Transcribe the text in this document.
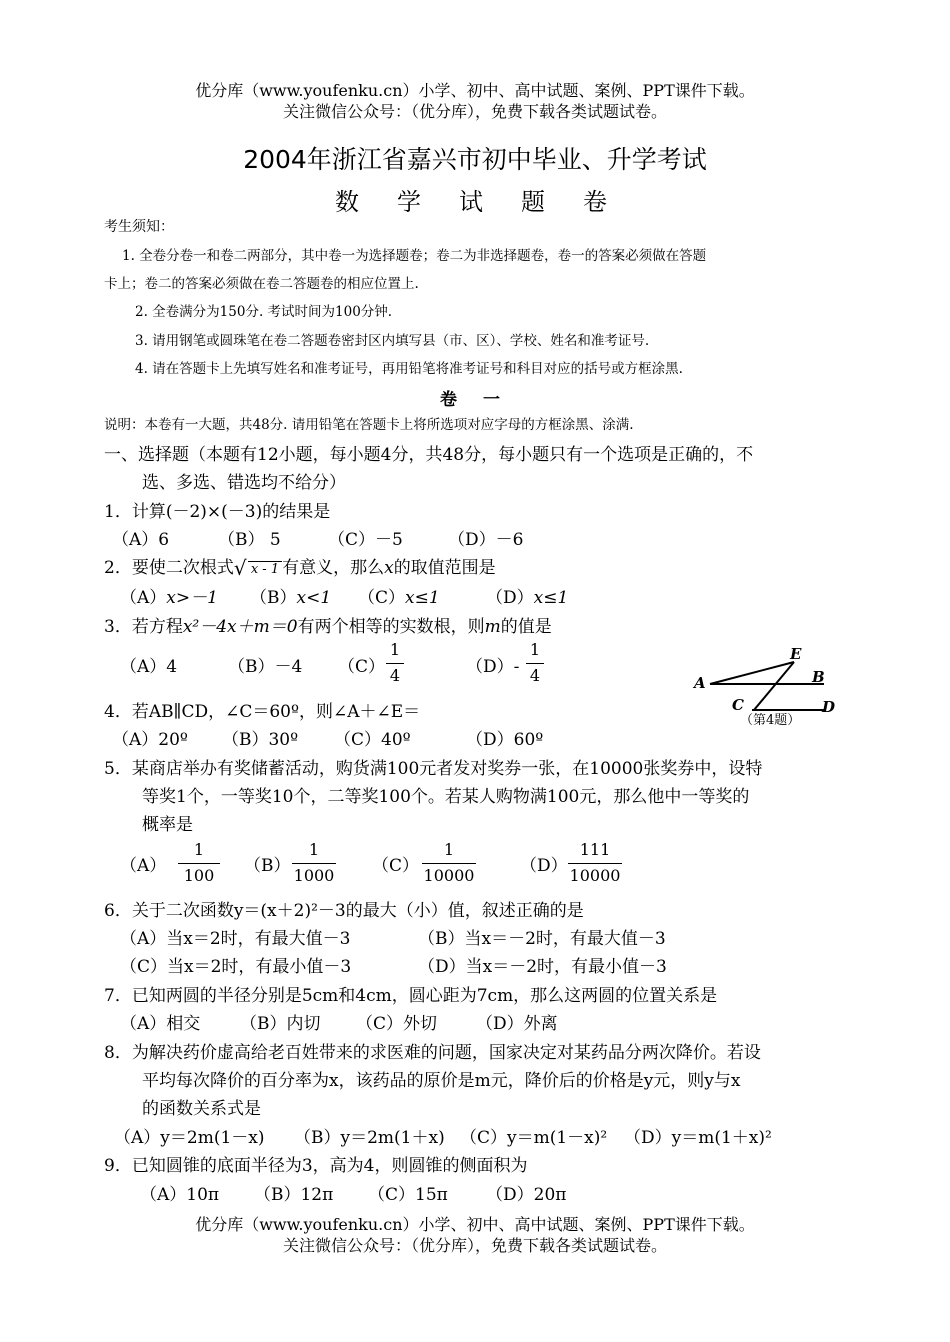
优分库（www.youfenku.cn）小学、初中、高中试题、案例、PPT课件下载。
关注微信公众号：（优分库），免费下载各类试题试卷。
2004年浙江省嘉兴市初中毕业、升学考试
数学试题卷
考生须知：
1. 全卷分卷一和卷二两部分，其中卷一为选择题卷；卷二为非选择题卷，卷一的答案必须做在答题
卡上；卷二的答案必须做在卷二答题卷的相应位置上.
2. 全卷满分为150分. 考试时间为100分钟.
3. 请用钢笔或圆珠笔在卷二答题卷密封区内填写县（市、区）、学校、姓名和准考证号.
4. 请在答题卡上先填写姓名和准考证号，再用铅笔将准考证号和科目对应的括号或方框涂黑.
卷 一
说明：本卷有一大题，共48分. 请用铅笔在答题卡上将所选项对应字母的方框涂黑、涂满.
一、选择题（本题有12小题，每小题4分，共48分，每小题只有一个选项是正确的，不
选、多选、错选均不给分）
1．计算(－2)×(－3)的结果是
（A）6	（B） 5	（C）－5	（D）－6
2．要使二次根式 √ x - 1 有意义，那么x的取值范围是
（A）x>－1 （B）x<1 （C）x≤1	（D）x≤1
3．若方程x²－4x＋m＝0有两个相等的实数根，则m的值是
（A）4	（B）－4 （C）
1
4	（D）-
1
4	A
E
B
C	D
（第4题）
4．若AB∥CD，∠C＝60º，则∠A＋∠E＝
（A）20º （B）30º （C）40º	（D）60º
5．某商店举办有奖储蓄活动，购货满100元者发对奖券一张，在10000张奖券中，设特
等奖1个，一等奖10个，二等奖100个。若某人购物满100元，那么他中一等奖的
概率是
（A）
1
100	（B）
1
1000 （C）
1
10000	（D）
111
10000
6．关于二次函数y＝(x＋2)²－3的最大（小）值，叙述正确的是
（A）当x＝2时，有最大值－3	（B）当x＝－2时，有最大值－3
（C）当x＝2时，有最小值－3	（D）当x＝－2时，有最小值－3
7．已知两圆的半径分别是5cm和4cm，圆心距为7cm，那么这两圆的位置关系是
（A）相交 （B）内切 （C）外切 （D）外离
8．为解决药价虚高给老百姓带来的求医难的问题，国家决定对某药品分两次降价。若设
平均每次降价的百分率为x，该药品的原价是m元，降价后的价格是y元，则y与x
的函数关系式是
（A）y＝2m(1－x) （B）y＝2m(1＋x) （C）y＝m(1－x)² （D）y＝m(1＋x)²
9．已知圆锥的底面半径为3，高为4，则圆锥的侧面积为
（A）10π （B）12π （C）15π （D）20π
优分库（www.youfenku.cn）小学、初中、高中试题、案例、PPT课件下载。
关注微信公众号：（优分库），免费下载各类试题试卷。
